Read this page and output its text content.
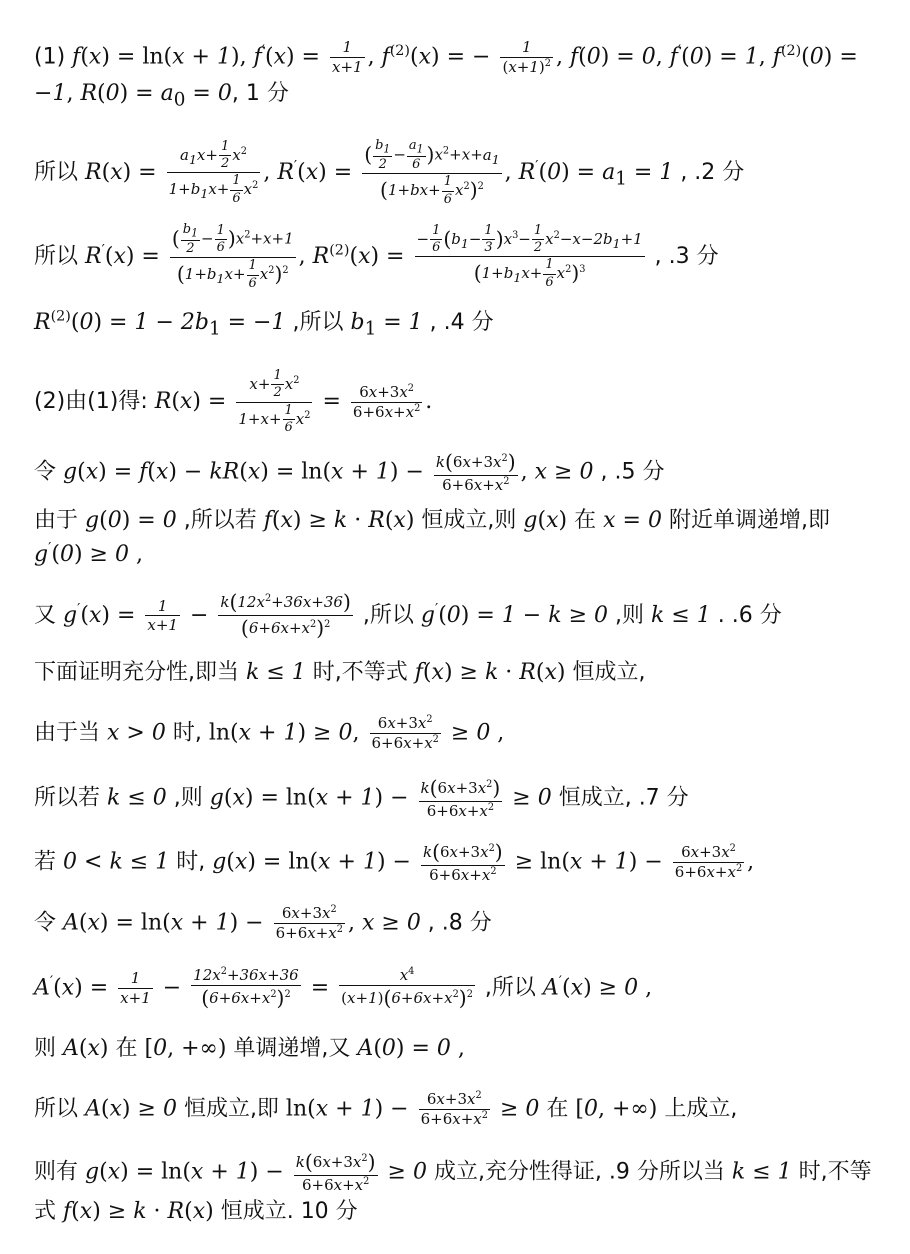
(1) f(x) = ln(x + 1), $f'(x) = \frac{1}{x+1}$ , $f^{(2)}(x)$ = − $\frac{1}{(x+1)^2}$ , f(0) = 0, f′(0) = 1, $f^{(2)}(0) = -1$, $R(0) = a_0 = 0$, 1 分
所以 $R(x) = \frac{a_1x+ \frac{1}{2} x^2}{1+b_1x+ \frac{1}{6} x^2}$ , $R'(x) = \frac{( \frac{b_1}{2} - \frac{a_1}{6} )x^2+x+a_1}{(1+bx+ \frac{1}{6} x^2)^2}$ , $R'(0) = a_1 = 1$ , .2 分
所以 $R'(x) = \frac{( \frac{b_1}{2} - \frac{1}{6} )x^2+x+1}{(1+b_1x+ \frac{1}{6} x^2)^2}$ , $R^{(2)}(x) = \frac{- \frac{1}{6} (b_1- \frac{1}{3} )x^3- \frac{1}{2} x^2-x-2b_1+1}{(1+b_1x+ \frac{1}{6} x^2)^3}$ , .3 分
$R^{(2)}(0) = 1 - 2b_1 = -1$ ,所以 $b_1 = 1$ , .4 分
(2)由(1)得: $R(x) = \frac{x+ \frac{1}{2} x^2}{1+x+ \frac{1}{6} x^2} = \frac{6x+3x^2}{6+6x+x^2}$ .
令 $g(x) = f(x) - kR(x) = \ln(x + 1) - \frac{k(6x+3x^2)}{6+6x+x^2}$ , x ≥ 0 , .5 分
由于 g(0) = 0 ,所以若 f(x) ≥ k · R(x) 恒成立,则 g(x) 在 x = 0 附近单调递增,即 g′(0) ≥ 0 ,
又 $g'(x) = \frac{1}{x+1} - \frac{k(12x^2+36x+36)}{(6+6x+x^2)^2}$ ,所以 g′(0) = 1 − k ≥ 0 ,则 k ≤ 1 . .6 分
下面证明充分性,即当 k ≤ 1 时,不等式 f(x) ≥ k · R(x) 恒成立,
由于当 x > 0 时, ln(x + 1) ≥ 0, $\frac{6x+3x^2}{6+6x+x^2} \ge 0$ ,
所以若 k ≤ 0 ,则 $g(x) = \ln(x + 1) - \frac{k(6x+3x^2)}{6+6x+x^2} \ge 0$ 恒成立, .7 分
若 0 < k ≤ 1 时, $g(x) = \ln(x + 1) - \frac{k(6x+3x^2)}{6+6x+x^2} \ge \ln(x + 1) - \frac{6x+3x^2}{6+6x+x^2}$ ,
令 $A(x) = \ln(x + 1) - \frac{6x+3x^2}{6+6x+x^2}$ , x ≥ 0 , .8 分
$A'(x) = \frac{1}{x+1} - \frac{12x^2+36x+36}{(6+6x+x^2)^2} = \frac{x^4}{(x+1)(6+6x+x^2)^2}$ ,所以 A′(x) ≥ 0 ,
则 A(x) 在 [0, +∞) 单调递增,又 A(0) = 0 ,
所以 A(x) ≥ 0 恒成立,即 $\ln(x + 1) - \frac{6x+3x^2}{6+6x+x^2} \ge 0$ 在 [0, +∞) 上成立,
则有 $g(x) = \ln(x + 1) - \frac{k(6x+3x^2)}{6+6x+x^2} \ge 0$ 成立,充分性得证, .9 分所以当 k ≤ 1 时,不等式 f(x) ≥ k · R(x) 恒成立. 10 分
